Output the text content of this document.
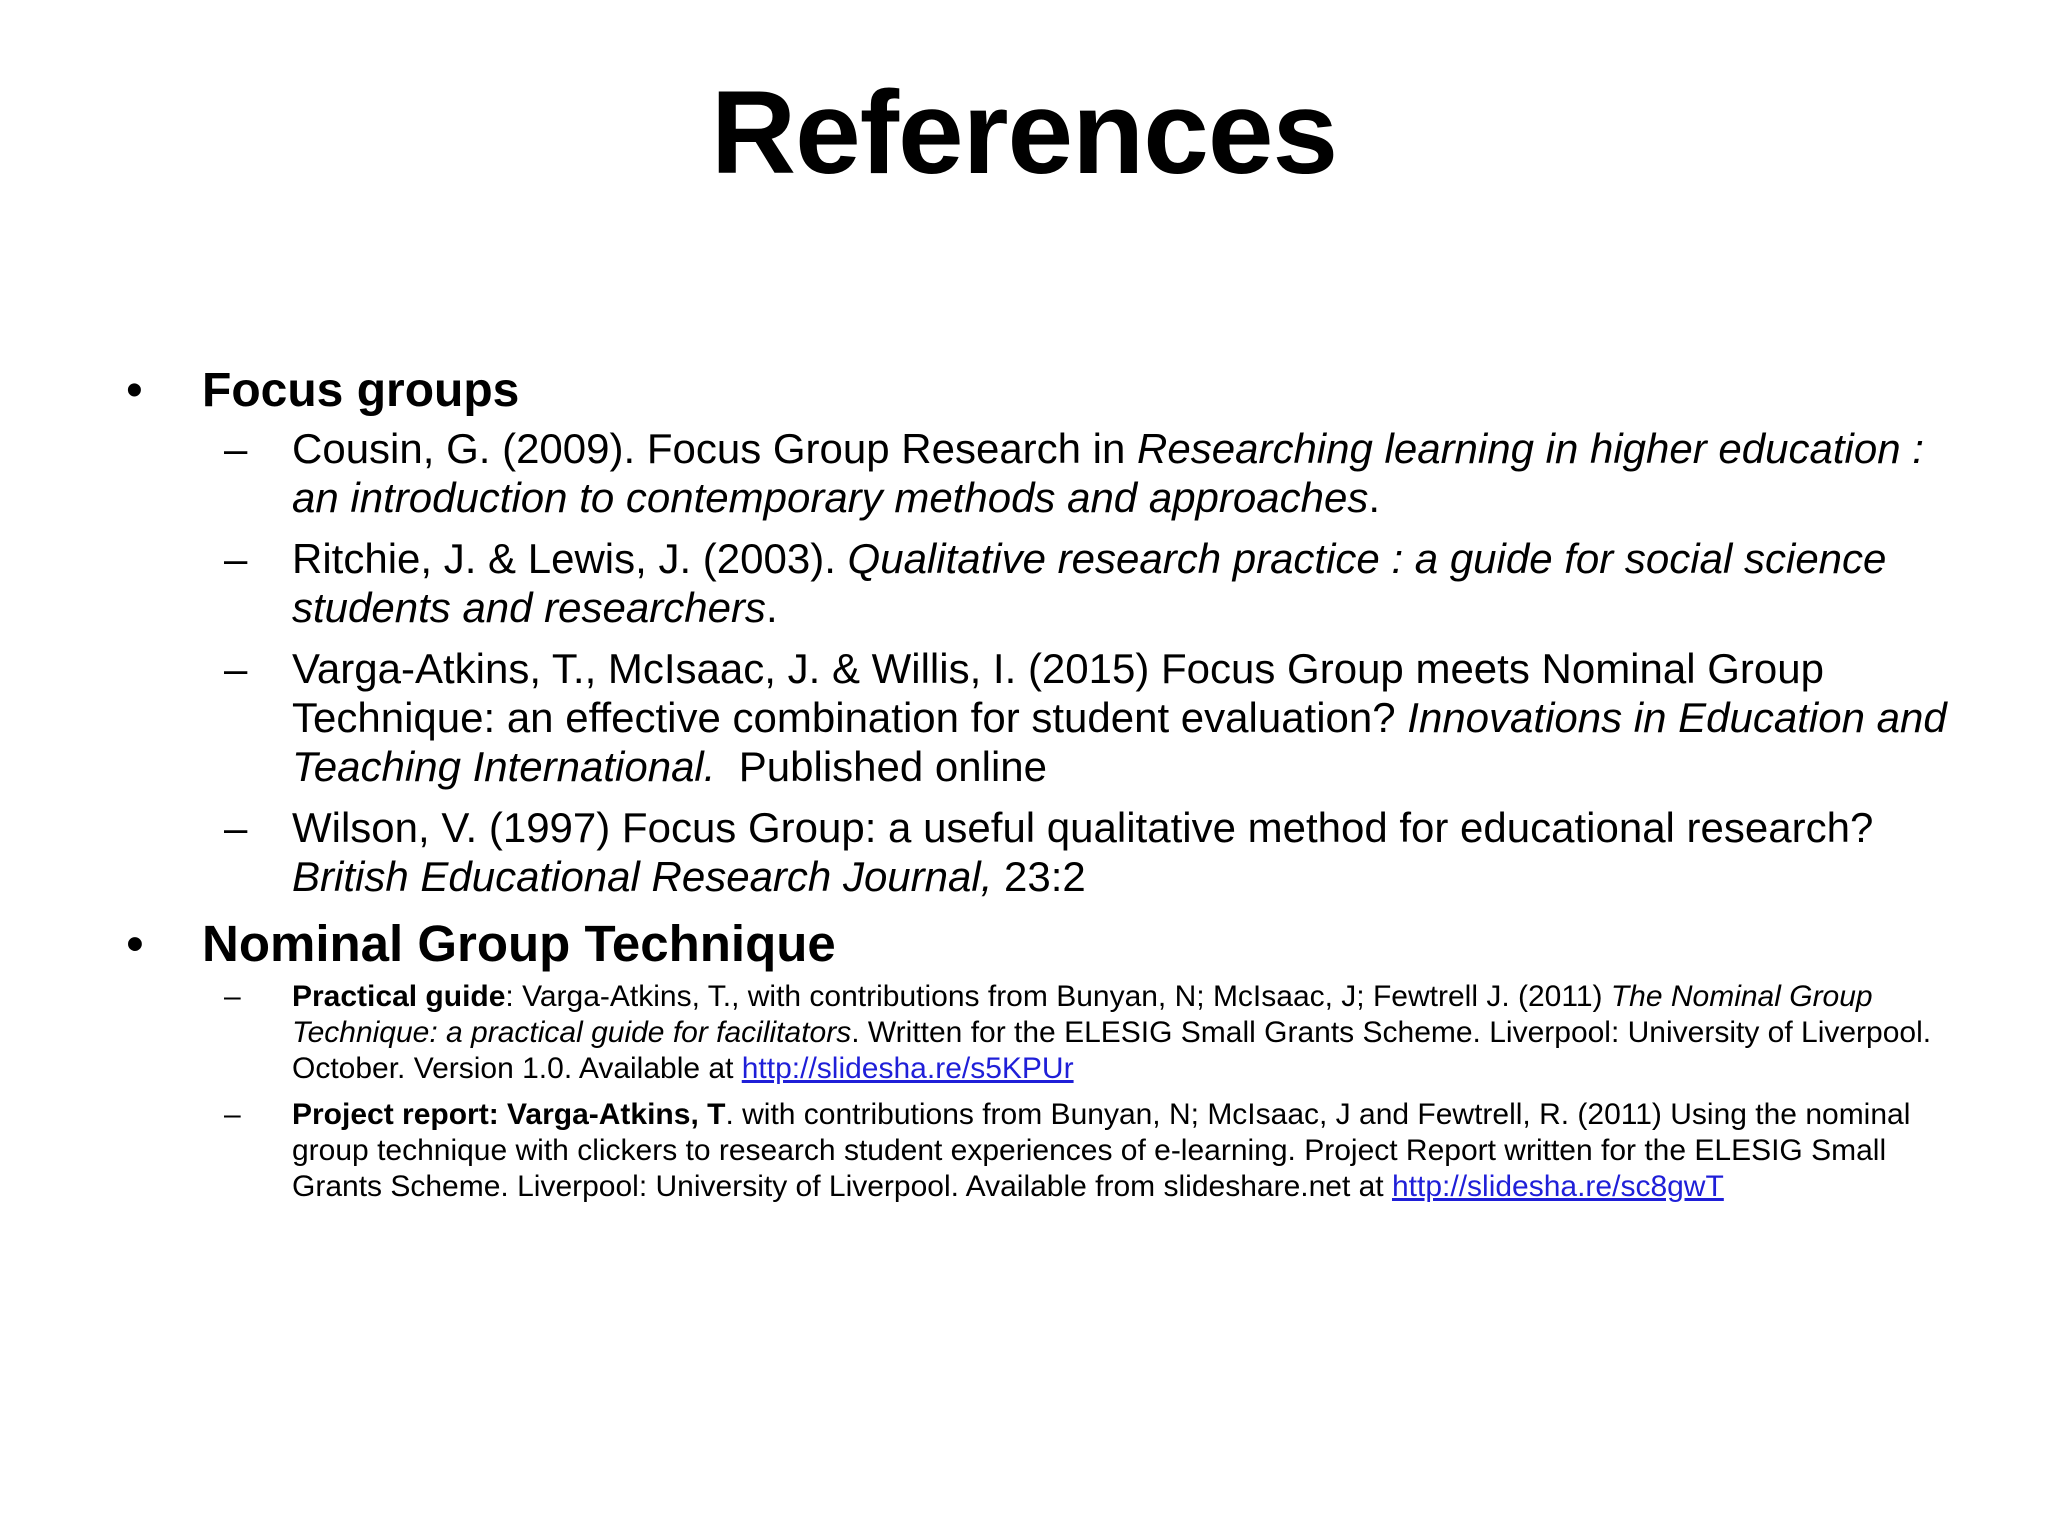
References
• Focus groups
– Cousin, G. (2009). Focus Group Research in Researching learning in higher education : an introduction to contemporary methods and approaches.
– Ritchie, J. & Lewis, J. (2003). Qualitative research practice : a guide for social science students and researchers.
– Varga-Atkins, T., McIsaac, J. & Willis, I. (2015) Focus Group meets Nominal Group Technique: an effective combination for student evaluation? Innovations in Education and Teaching International.  Published online
– Wilson, V. (1997) Focus Group: a useful qualitative method for educational research? British Educational Research Journal, 23:2
• Nominal Group Technique
– Practical guide: Varga-Atkins, T., with contributions from Bunyan, N; McIsaac, J; Fewtrell J. (2011) The Nominal Group Technique: a practical guide for facilitators. Written for the ELESIG Small Grants Scheme. Liverpool: University of Liverpool. October. Version 1.0. Available at http://slidesha.re/s5KPUr
– Project report: Varga-Atkins, T. with contributions from Bunyan, N; McIsaac, J and Fewtrell, R. (2011) Using the nominal group technique with clickers to research student experiences of e-learning. Project Report written for the ELESIG Small Grants Scheme. Liverpool: University of Liverpool. Available from slideshare.net at http://slidesha.re/sc8gwT
